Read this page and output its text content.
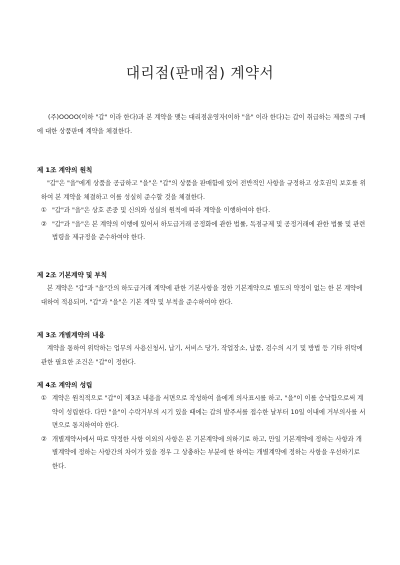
대리점(판매점) 계약서

(주)OOOO(이하 "갑" 이라 한다)과 본 계약을 맺는 대리점운영자(이하 "을" 이라 한다)는 갑이 취급하는 제품의 구매에 대한 상품판매 계약을 체결한다.

제 1조 계약의 원칙

"갑"은 "을"에게 상품을 공급하고 "을"은 "갑"의 상품을 판매함에 있어 전반적인 사항을 규정하고 상호권익 보호를 위하여 본 계약을 체결하고 이를 성실히 준수할 것을 체결한다.

① "갑"과 "을"은 상호 존중 및 신의와 성실의 원칙에 따라 계약을 이행하여야 한다.
② "갑"과 "을"은 본 계약의 이행에 있어서 하도급거래 공정화에 관한 법률, 독점규제 및 공정거래에 관한 법률 및 관련 법령을 제규정을 준수하여야 한다.

제 2조 기본계약 및 부칙

본 계약은 "갑"과 "을"간의 하도급거래 계약에 관한 기본사항을 정한 기본계약으로 별도의 약정이 없는 한 본 계약에 대하여 적용되며, "갑"과 "을"은 기본 계약 및 부칙을 준수하여야 한다.

제 3조 개별계약의 내용

계약을 통하여 위탁하는 업무의 사용신청서, 납기, 서비스 당가, 작업장소, 납품, 검수의 시기 및 방법 등 기타 위탁에 관한 필요한 조건은 "갑"이 정한다.

제 4조 계약의 성립

① 계약은 원칙적으로 "갑"이 제3조 내용을 서면으로 작성하여 을에게 의사표시를 하고, "을"이 이를 승낙함으로써 계약이 성립한다. 다만 "을"이 수락거부의 시기 있을 때에는 갑의 발주서를 접수한 날부터 10일 이내에 거부의사를 서면으로 통지하여야 한다.
② 개별계약서에서 따로 약정한 사항 이외의 사항은 본 기본계약에 의하기로 하고, 만일 기본계약에 정하는 사항과 개별계약에 정하는 사항간의 차이가 있을 경우 그 상충하는 부분에 한 하여는 개별계약에 정하는 사항을 우선하기로 한다.
